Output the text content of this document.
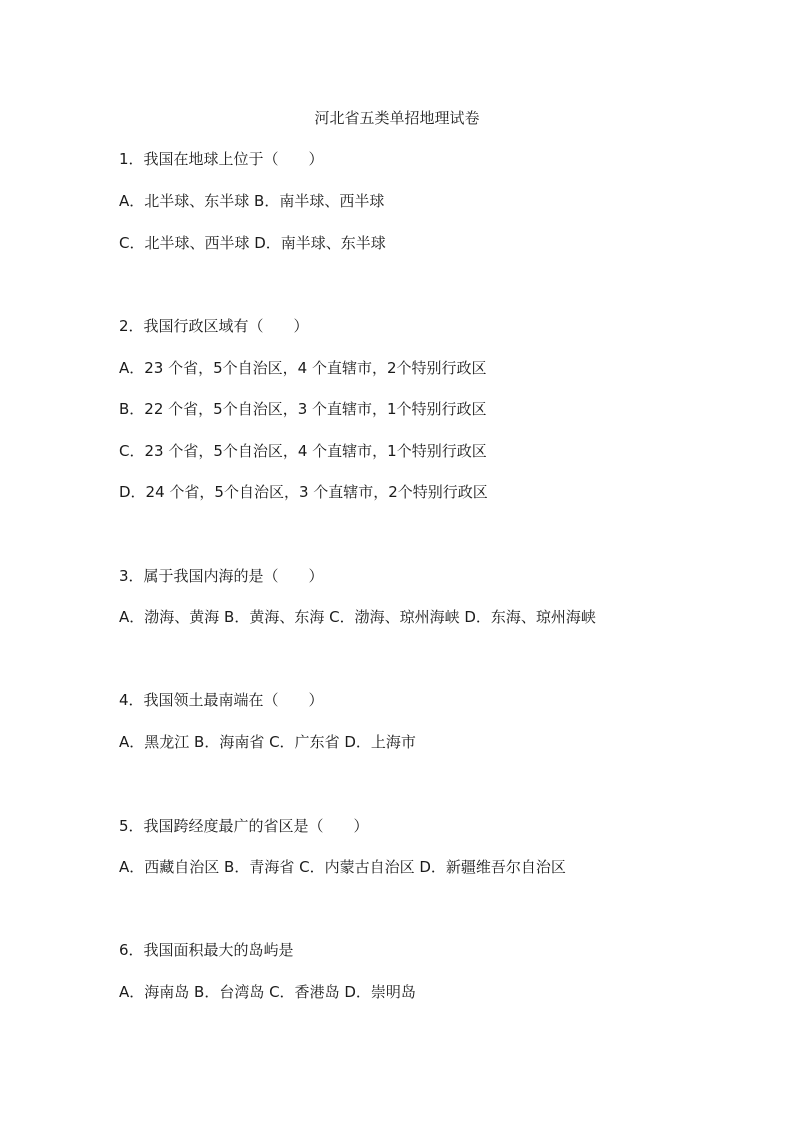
河北省五类单招地理试卷
1．我国在地球上位于（　　）
A．北半球、东半球 B．南半球、西半球
C．北半球、西半球 D．南半球、东半球
2．我国行政区域有（　　）
A．23 个省，5个自治区，4 个直辖市，2个特别行政区
B．22 个省，5个自治区，3 个直辖市，1个特别行政区
C．23 个省，5个自治区，4 个直辖市，1个特别行政区
D．24 个省，5个自治区，3 个直辖市，2个特别行政区
3．属于我国内海的是（　　）
A．渤海、黄海 B．黄海、东海 C．渤海、琼州海峡 D．东海、琼州海峡
4．我国领土最南端在（　　）
A．黑龙江 B．海南省 C．广东省 D．上海市
5．我国跨经度最广的省区是（　　）
A．西藏自治区 B．青海省 C．内蒙古自治区 D．新疆维吾尔自治区
6．我国面积最大的岛屿是
A．海南岛 B．台湾岛 C．香港岛 D．崇明岛
